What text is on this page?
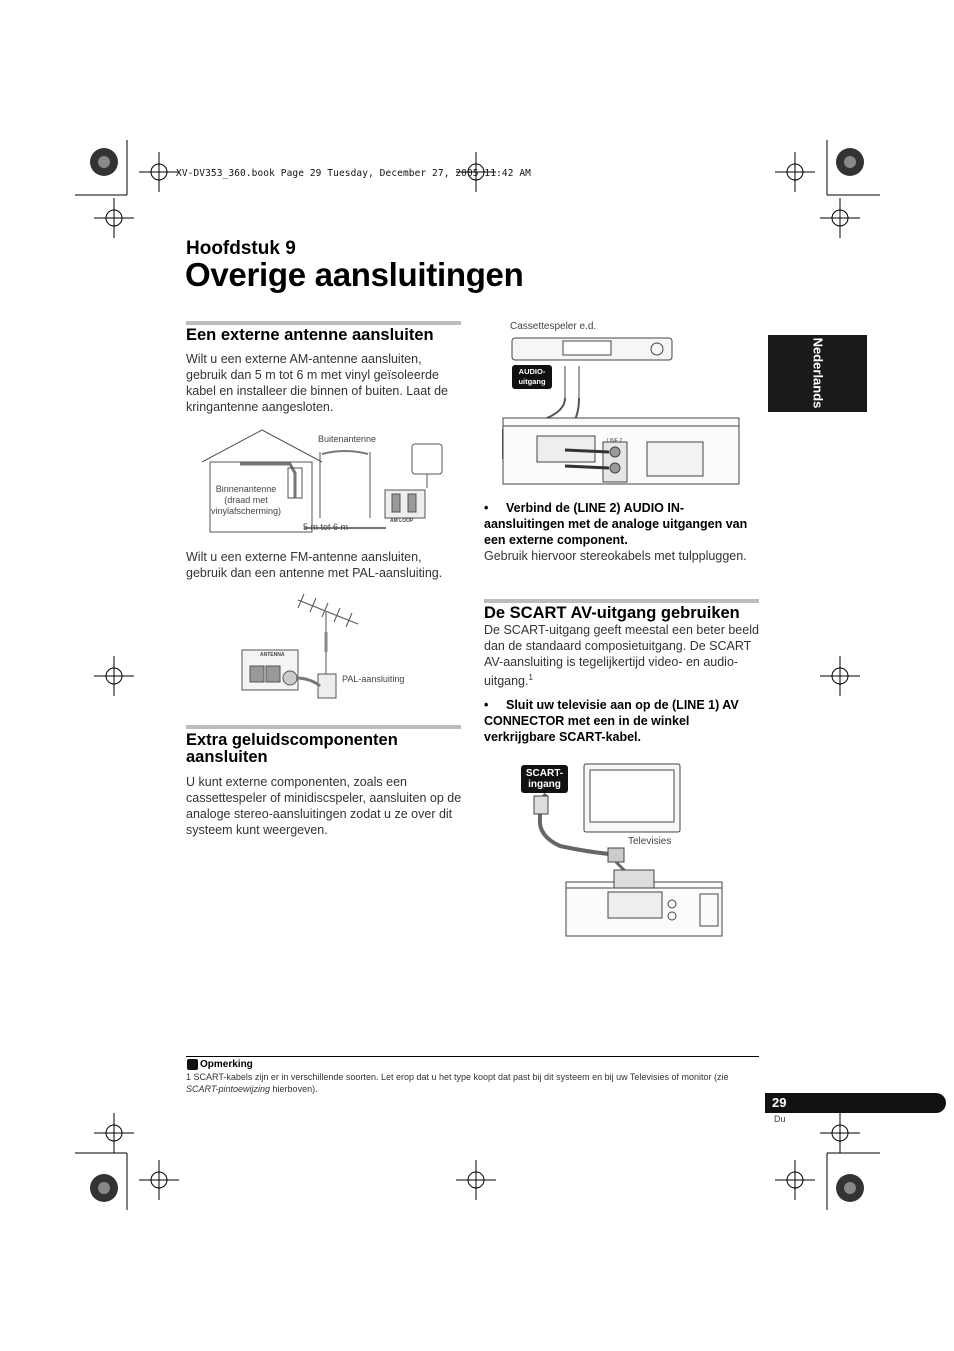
XV-DV353_360.book Page 29 Tuesday, December 27, 2005 11:42 AM
Hoofdstuk 9
Overige aansluitingen
Nederlands
Een externe antenne aansluiten
Wilt u een externe AM-antenne aansluiten, gebruik dan 5 m tot 6 m met vinyl geïsoleerde kabel en installeer die binnen of buiten. Laat de kringantenne aangesloten.
Buitenantenne
Binnenantenne (draad met vinylafscherming)
5 m tot 6 m
AM LOOP
Wilt u een externe FM-antenne aansluiten, gebruik dan een antenne met PAL-aansluiting.
ANTENNA
PAL-aansluiting
Extra geluidscomponenten aansluiten
U kunt externe componenten, zoals een cassettespeler of minidiscspeler, aansluiten op de analoge stereo-aansluitingen zodat u ze over dit systeem kunt weergeven.
Cassettespeler e.d.
AUDIO-uitgang
LINE 2
•	Verbind de (LINE 2) AUDIO IN-aansluitingen met de analoge uitgangen van een externe component.
Gebruik hiervoor stereokabels met tulppluggen.
De SCART AV-uitgang gebruiken
De SCART-uitgang geeft meestal een beter beeld dan de standaard composietuitgang. De SCART AV-aansluiting is tegelijkertijd video- en audio-uitgang.$^1$
•	Sluit uw televisie aan op de (LINE 1) AV CONNECTOR met een in de winkel verkrijgbare SCART-kabel.
SCART-ingang
Televisies
Opmerking
1 SCART-kabels zijn er in verschillende soorten. Let erop dat u het type koopt dat past bij dit systeem en bij uw Televisies of monitor (zie SCART-pintoewijzing hierboven).
29
Du
